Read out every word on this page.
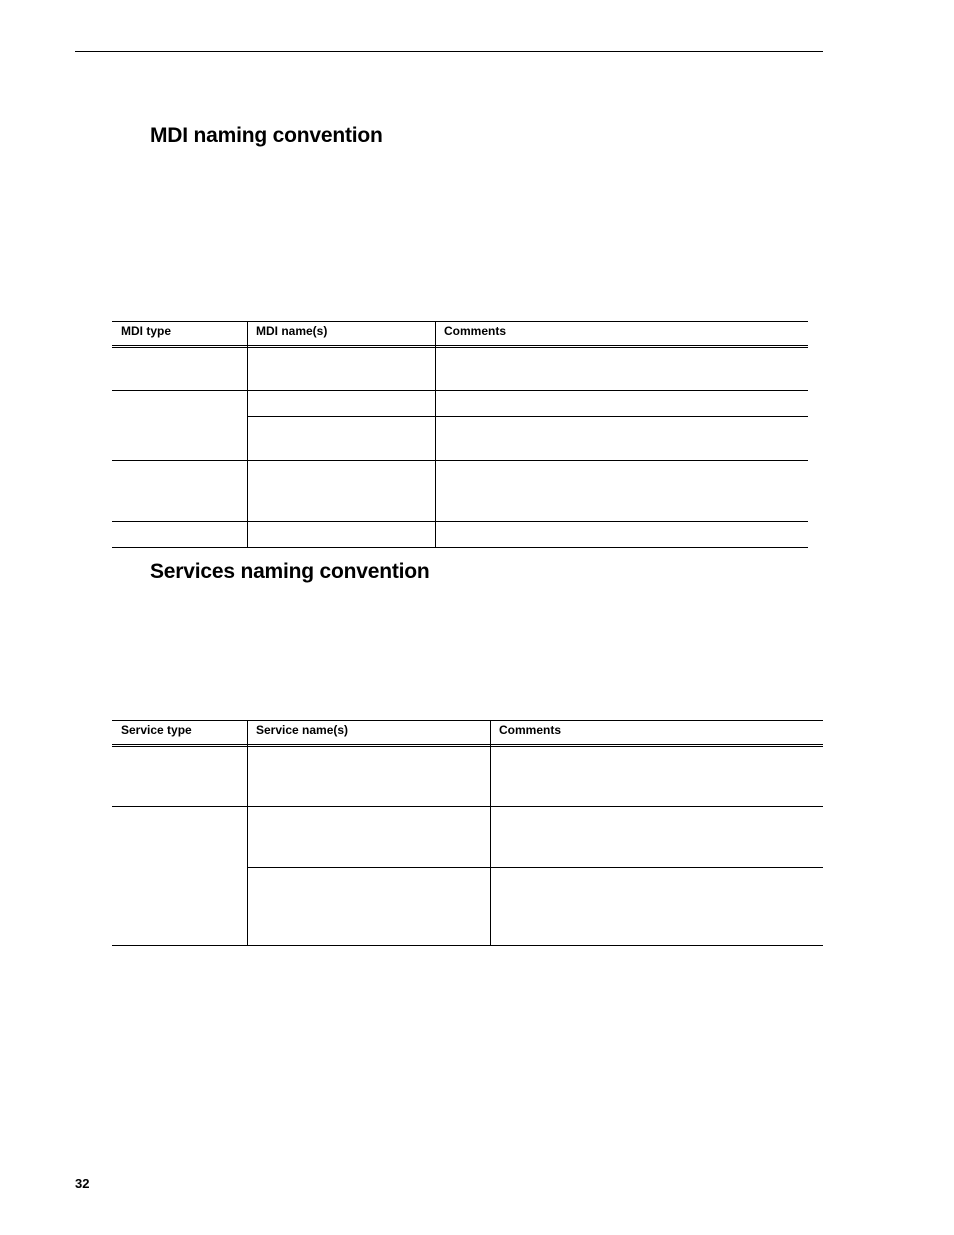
MDI naming convention
MDI type	MDI name(s)	Comments
Services naming convention
Service type	Service name(s)	Comments
32
